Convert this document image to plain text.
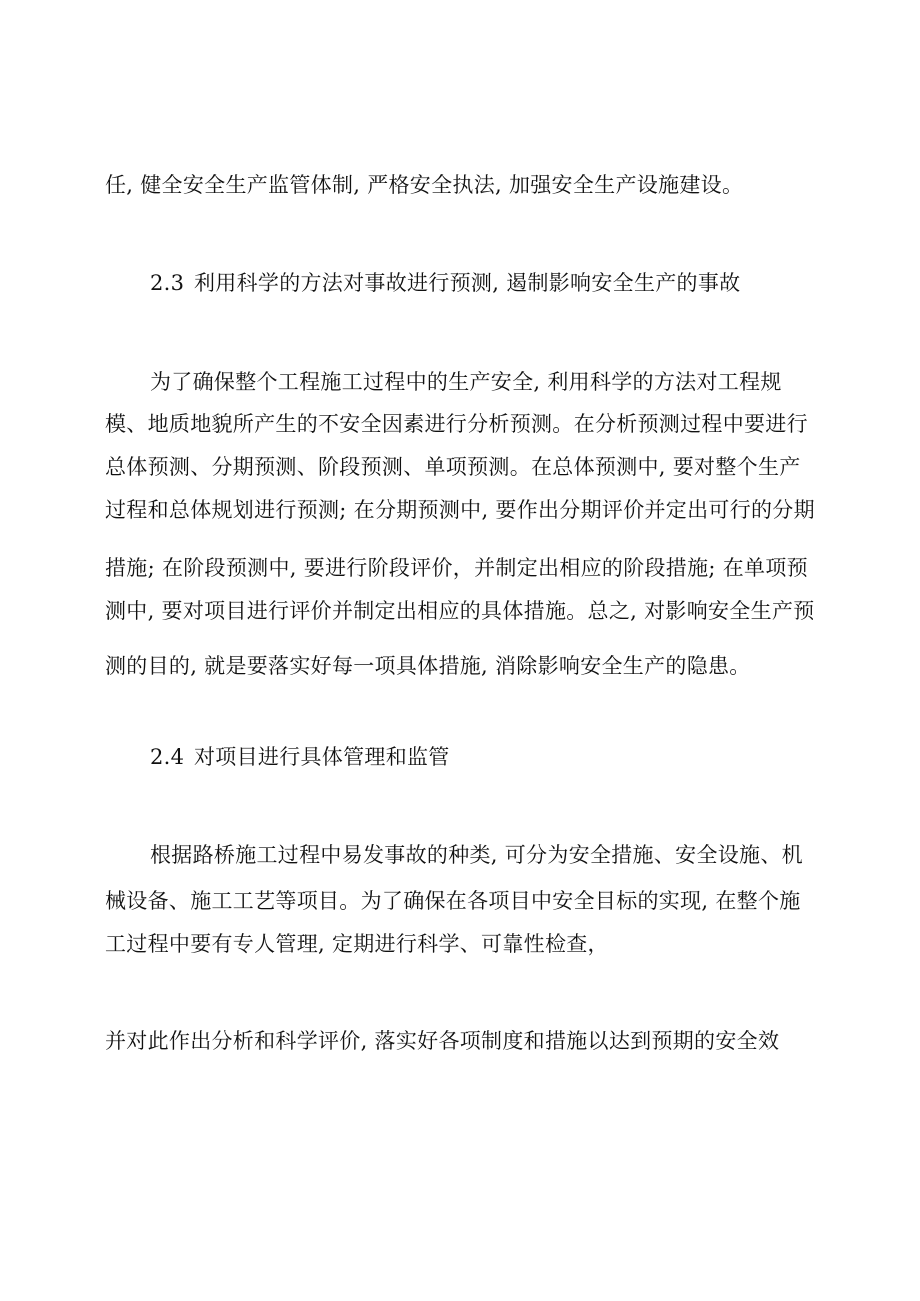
任, 健全安全生产监管体制, 严格安全执法, 加强安全生产设施建设。
2.3 利用科学的方法对事故进行预测, 遏制影响安全生产的事故
为了确保整个工程施工过程中的生产安全, 利用科学的方法对工程规
模、地质地貌所产生的不安全因素进行分析预测。在分析预测过程中要进行
总体预测、分期预测、阶段预测、单项预测。在总体预测中, 要对整个生产
过程和总体规划进行预测; 在分期预测中, 要作出分期评价并定出可行的分期
措施; 在阶段预测中, 要进行阶段评价，并制定出相应的阶段措施; 在单项预
测中, 要对项目进行评价并制定出相应的具体措施。总之, 对影响安全生产预
测的目的, 就是要落实好每一项具体措施, 消除影响安全生产的隐患。
2.4 对项目进行具体管理和监管
根据路桥施工过程中易发事故的种类, 可分为安全措施、安全设施、机
械设备、施工工艺等项目。为了确保在各项目中安全目标的实现, 在整个施
工过程中要有专人管理, 定期进行科学、可靠性检查，
并对此作出分析和科学评价, 落实好各项制度和措施以达到预期的安全效
